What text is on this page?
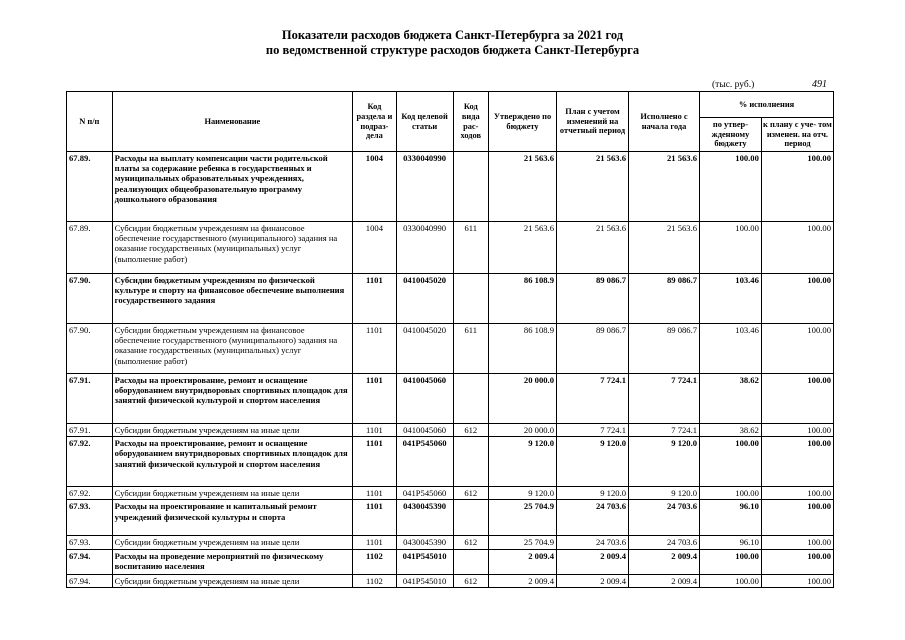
Показатели расходов бюджета Санкт-Петербурга за 2021 год
по ведомственной структуре расходов бюджета Санкт-Петербурга
(тыс. руб.)	491
N п/п	Наименование	Код раздела и подраз- дела	Код целевой статьи	Код вида рас- ходов	Утверждено по бюджету	План с учетом изменений на отчетный период	Исполнено с начала года	% исполнения	
								по утвер- жденному бюджету	к плану с уче- том изменен. на отч. период
67.89.	Расходы на выплату компенсации части родительской платы за содержание ребенка в государственных и муниципальных образовательных учреждениях, реализующих общеобразовательную программу дошкольного образования	1004	0330040990		21 563.6	21 563.6	21 563.6	100.00	100.00
67.89.	Субсидии бюджетным учреждениям на финансовое обеспечение государственного (муниципального) задания на оказание государственных (муниципальных) услуг (выполнение работ)	1004	0330040990	611	21 563.6	21 563.6	21 563.6	100.00	100.00
67.90.	Субсидии бюджетным учреждениям по физической культуре и спорту на финансовое обеспечение выполнения государственного задания	1101	0410045020		86 108.9	89 086.7	89 086.7	103.46	100.00
67.90.	Субсидии бюджетным учреждениям на финансовое обеспечение государственного (муниципального) задания на оказание государственных (муниципальных) услуг (выполнение работ)	1101	0410045020	611	86 108.9	89 086.7	89 086.7	103.46	100.00
67.91.	Расходы на проектирование, ремонт и оснащение оборудованием внутридворовых спортивных площадок для занятий физической культурой и спортом населения	1101	0410045060		20 000.0	7 724.1	7 724.1	38.62	100.00
67.91.	Субсидии бюджетным учреждениям на иные цели	1101	0410045060	612	20 000.0	7 724.1	7 724.1	38.62	100.00
67.92.	Расходы на проектирование, ремонт и оснащение оборудованием внутридворовых спортивных площадок для занятий физической культурой и спортом населения	1101	041P545060		9 120.0	9 120.0	9 120.0	100.00	100.00
67.92.	Субсидии бюджетным учреждениям на иные цели	1101	041P545060	612	9 120.0	9 120.0	9 120.0	100.00	100.00
67.93.	Расходы на проектирование и капитальный ремонт учреждений физической культуры и спорта	1101	0430045390		25 704.9	24 703.6	24 703.6	96.10	100.00
67.93.	Субсидии бюджетным учреждениям на иные цели	1101	0430045390	612	25 704.9	24 703.6	24 703.6	96.10	100.00
67.94.	Расходы на проведение мероприятий по физическому воспитанию населения	1102	041P545010		2 009.4	2 009.4	2 009.4	100.00	100.00
67.94.	Субсидии бюджетным учреждениям на иные цели	1102	041P545010	612	2 009.4	2 009.4	2 009.4	100.00	100.00
